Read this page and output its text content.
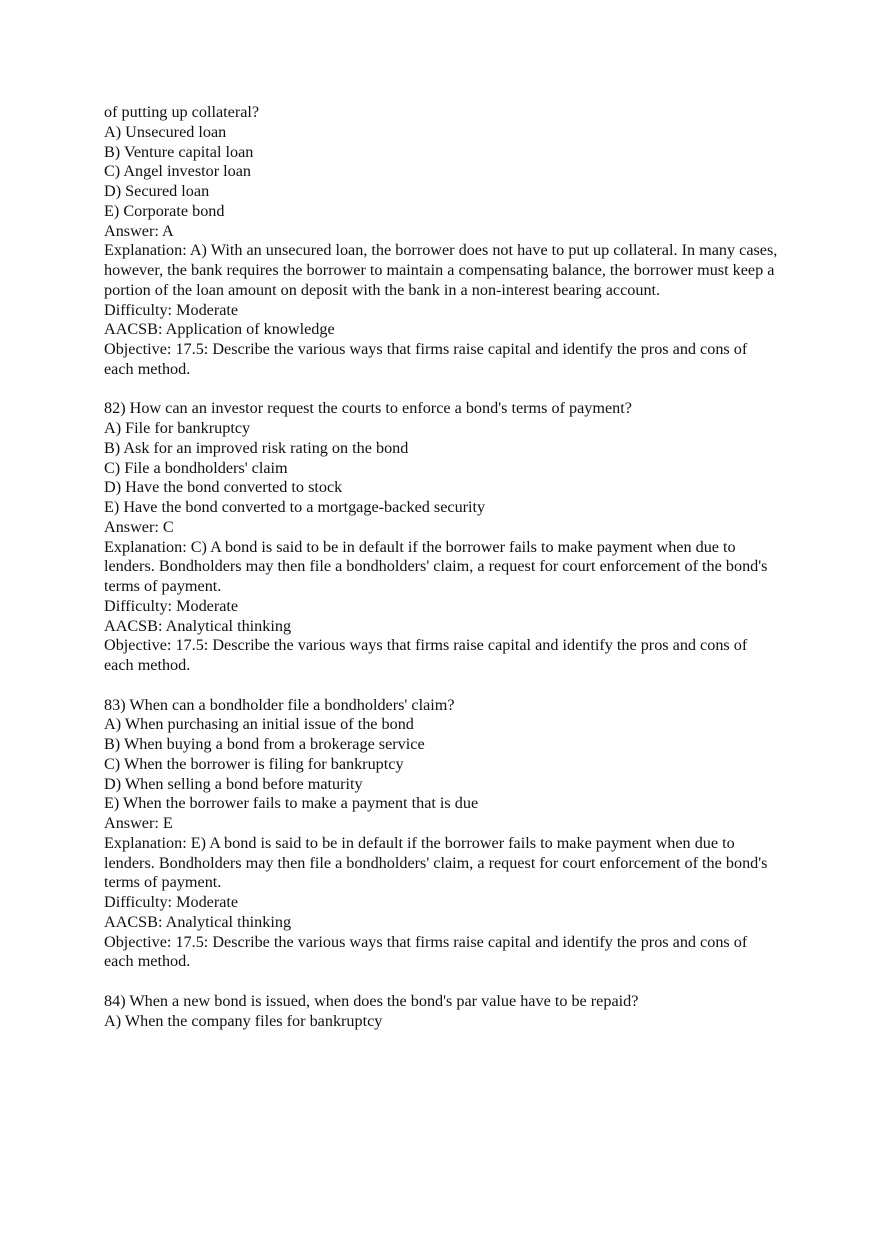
of putting up collateral?
A) Unsecured loan
B) Venture capital loan
C) Angel investor loan
D) Secured loan
E) Corporate bond
Answer: A
Explanation: A) With an unsecured loan, the borrower does not have to put up collateral. In many cases, however, the bank requires the borrower to maintain a compensating balance, the borrower must keep a portion of the loan amount on deposit with the bank in a non-interest bearing account.
Difficulty: Moderate
AACSB: Application of knowledge
Objective: 17.5: Describe the various ways that firms raise capital and identify the pros and cons of each method.
82) How can an investor request the courts to enforce a bond's terms of payment?
A) File for bankruptcy
B) Ask for an improved risk rating on the bond
C) File a bondholders' claim
D) Have the bond converted to stock
E) Have the bond converted to a mortgage-backed security
Answer: C
Explanation: C) A bond is said to be in default if the borrower fails to make payment when due to lenders. Bondholders may then file a bondholders' claim, a request for court enforcement of the bond's terms of payment.
Difficulty: Moderate
AACSB: Analytical thinking
Objective: 17.5: Describe the various ways that firms raise capital and identify the pros and cons of each method.
83) When can a bondholder file a bondholders' claim?
A) When purchasing an initial issue of the bond
B) When buying a bond from a brokerage service
C) When the borrower is filing for bankruptcy
D) When selling a bond before maturity
E) When the borrower fails to make a payment that is due
Answer: E
Explanation: E) A bond is said to be in default if the borrower fails to make payment when due to lenders. Bondholders may then file a bondholders' claim, a request for court enforcement of the bond's terms of payment.
Difficulty: Moderate
AACSB: Analytical thinking
Objective: 17.5: Describe the various ways that firms raise capital and identify the pros and cons of each method.
84) When a new bond is issued, when does the bond's par value have to be repaid?
A) When the company files for bankruptcy
